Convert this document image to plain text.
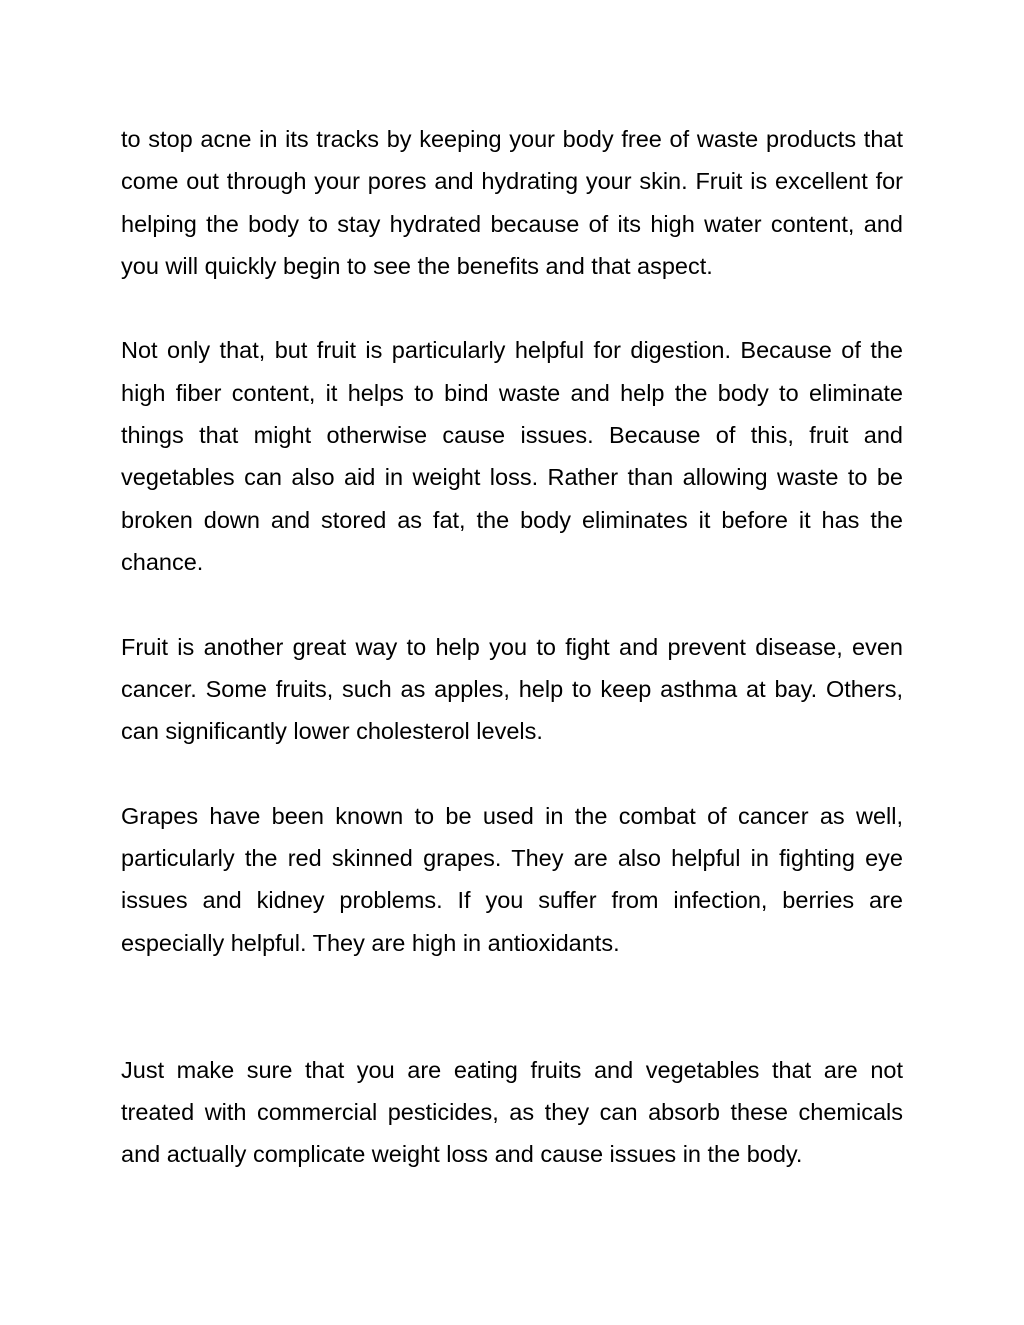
to stop acne in its tracks by keeping your body free of waste products that come out through your pores and hydrating your skin. Fruit is excellent for helping the body to stay hydrated because of its high water content, and you will quickly begin to see the benefits and that aspect.

Not only that, but fruit is particularly helpful for digestion. Because of the high fiber content, it helps to bind waste and help the body to eliminate things that might otherwise cause issues. Because of this, fruit and vegetables can also aid in weight loss. Rather than allowing waste to be broken down and stored as fat, the body eliminates it before it has the chance.

Fruit is another great way to help you to fight and prevent disease, even cancer. Some fruits, such as apples, help to keep asthma at bay. Others, can significantly lower cholesterol levels.

Grapes have been known to be used in the combat of cancer as well, particularly the red skinned grapes. They are also helpful in fighting eye issues and kidney problems. If you suffer from infection, berries are especially helpful. They are high in antioxidants.

Just make sure that you are eating fruits and vegetables that are not treated with commercial pesticides, as they can absorb these chemicals and actually complicate weight loss and cause issues in the body.
